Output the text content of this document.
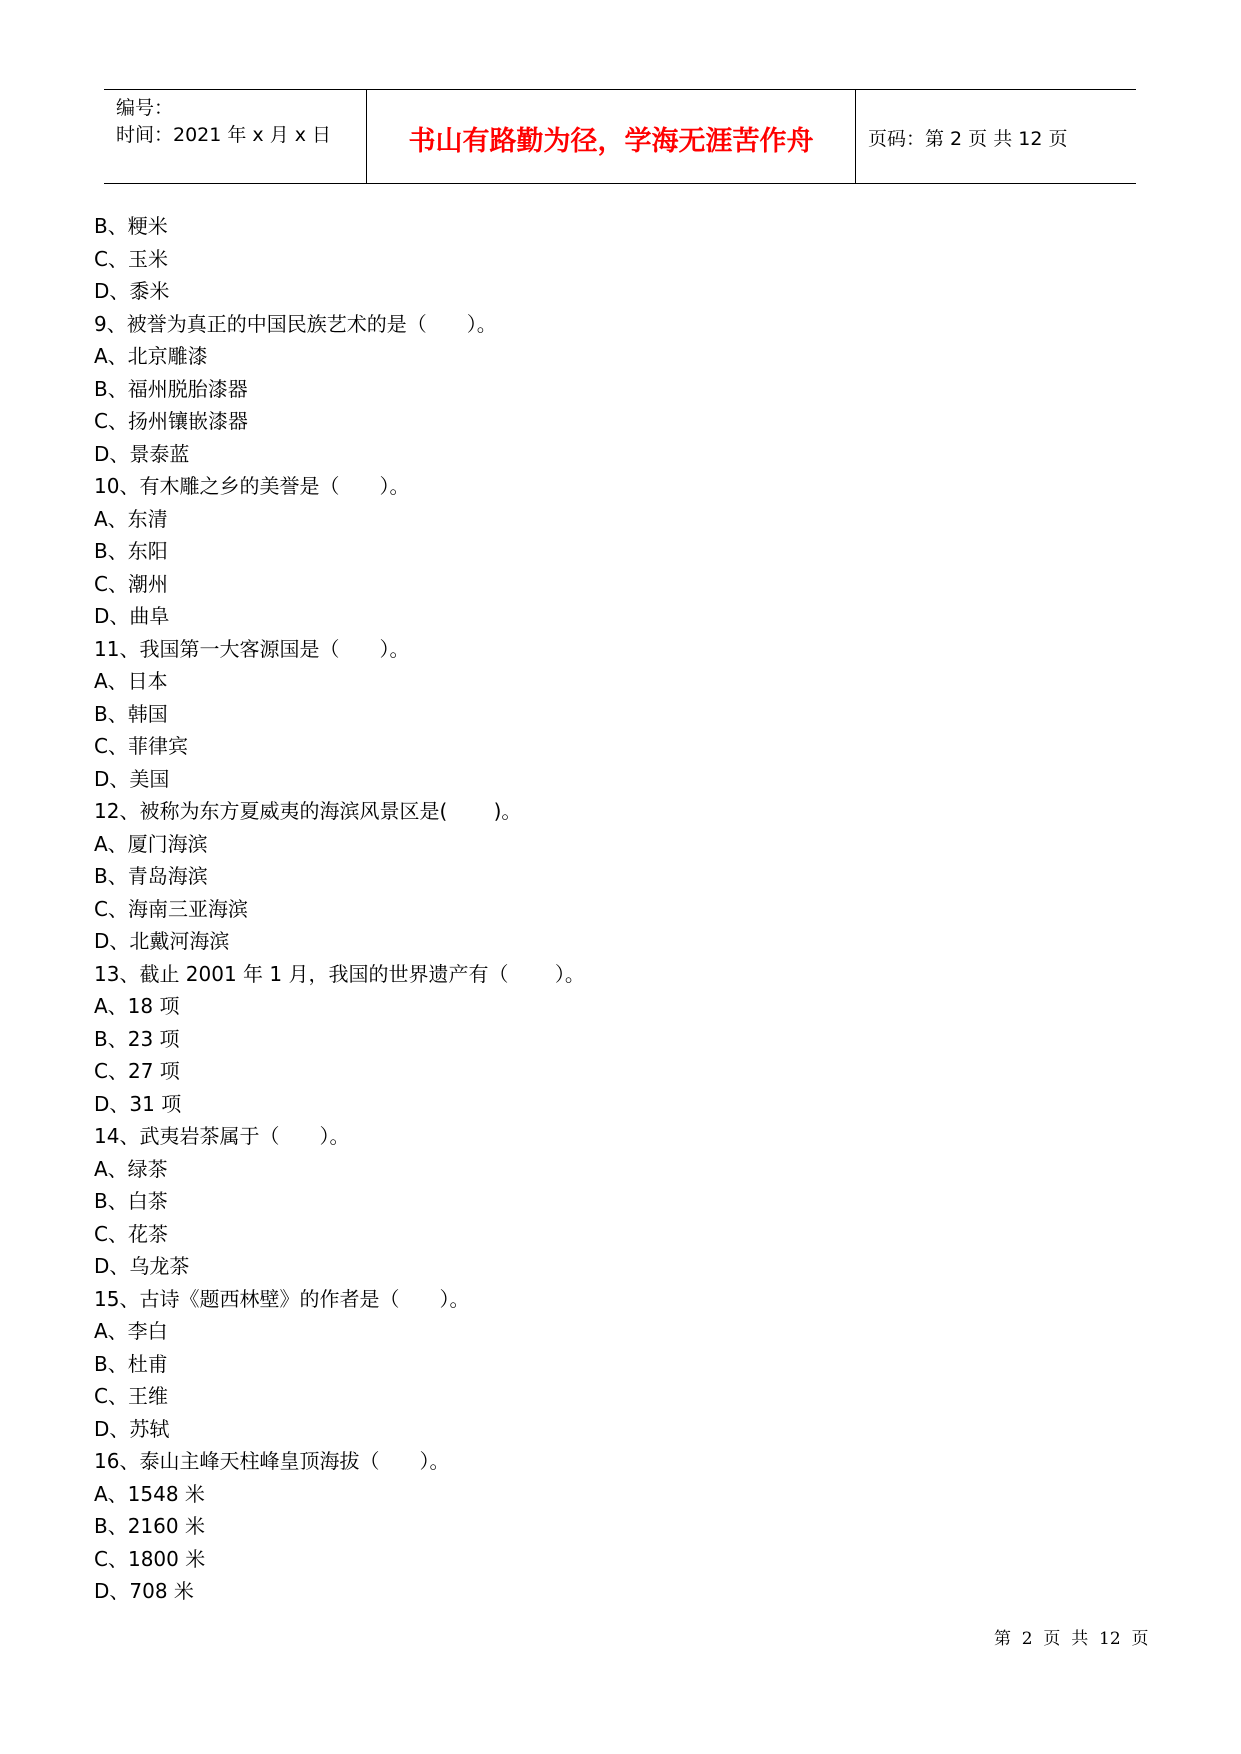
编号：
时间：2021 年 x 月 x 日	书山有路勤为径，学海无涯苦作舟	页码：第 2 页 共 12 页
B、粳米
C、玉米
D、黍米
9、被誉为真正的中国民族艺术的是（　　）。
A、北京雕漆
B、福州脱胎漆器
C、扬州镶嵌漆器
D、景泰蓝
10、有木雕之乡的美誉是（　　）。
A、东清
B、东阳
C、潮州
D、曲阜
11、我国第一大客源国是（　　）。
A、日本
B、韩国
C、菲律宾
D、美国
12、被称为东方夏威夷的海滨风景区是(　　 )。
A、厦门海滨
B、青岛海滨
C、海南三亚海滨
D、北戴河海滨
13、截止 2001 年 1 月，我国的世界遗产有（　　 ）。
A、18 项
B、23 项
C、27 项
D、31 项
14、武夷岩茶属于（　　）。
A、绿茶
B、白茶
C、花茶
D、乌龙茶
15、古诗《题西林壁》的作者是（　　）。
A、李白
B、杜甫
C、王维
D、苏轼
16、泰山主峰天柱峰皇顶海拔（　　）。
A、1548 米
B、2160 米
C、1800 米
D、708 米
第  2  页  共  12  页
